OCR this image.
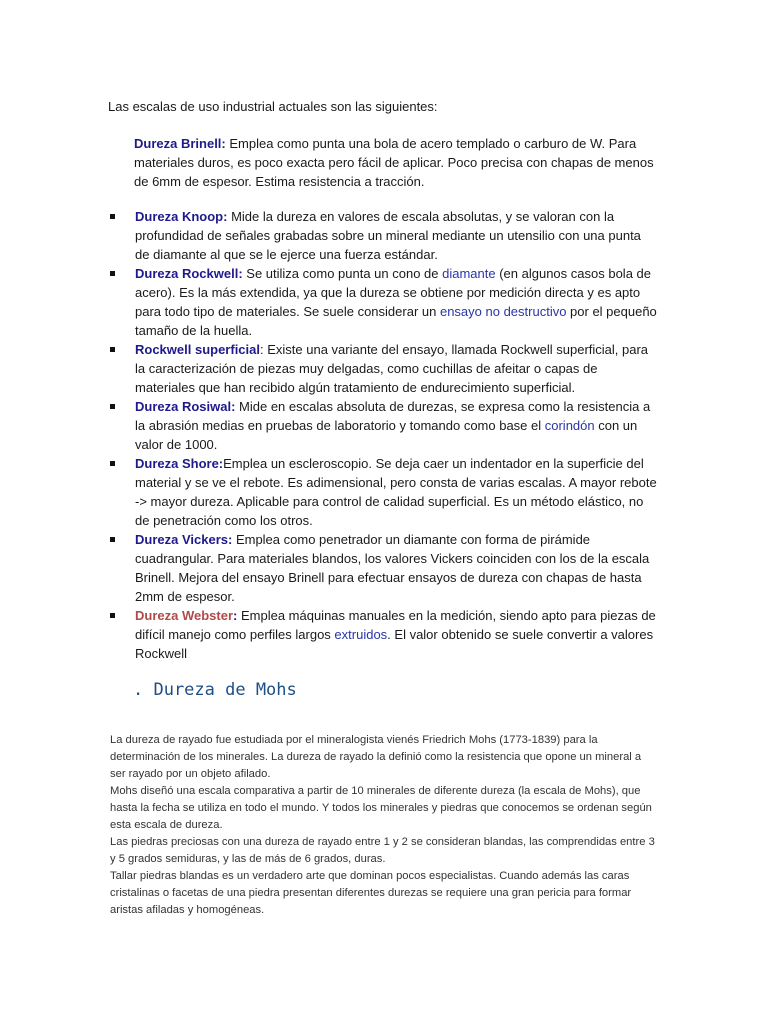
Las escalas de uso industrial actuales son las siguientes:

Dureza Brinell: Emplea como punta una bola de acero templado o carburo de W. Para materiales duros, es poco exacta pero fácil de aplicar. Poco precisa con chapas de menos de 6mm de espesor. Estima resistencia a tracción.

Dureza Knoop: Mide la dureza en valores de escala absolutas, y se valoran con la profundidad de señales grabadas sobre un mineral mediante un utensilio con una punta de diamante al que se le ejerce una fuerza estándar.
Dureza Rockwell: Se utiliza como punta un cono de diamante (en algunos casos bola de acero). Es la más extendida, ya que la dureza se obtiene por medición directa y es apto para todo tipo de materiales. Se suele considerar un ensayo no destructivo por el pequeño tamaño de la huella.
Rockwell superficial: Existe una variante del ensayo, llamada Rockwell superficial, para la caracterización de piezas muy delgadas, como cuchillas de afeitar o capas de materiales que han recibido algún tratamiento de endurecimiento superficial.
Dureza Rosiwal: Mide en escalas absoluta de durezas, se expresa como la resistencia a la abrasión medias en pruebas de laboratorio y tomando como base el corindón con un valor de 1000.
Dureza Shore:Emplea un escleroscopio. Se deja caer un indentador en la superficie del material y se ve el rebote. Es adimensional, pero consta de varias escalas. A mayor rebote -> mayor dureza. Aplicable para control de calidad superficial. Es un método elástico, no de penetración como los otros.
Dureza Vickers: Emplea como penetrador un diamante con forma de pirámide cuadrangular. Para materiales blandos, los valores Vickers coinciden con los de la escala Brinell. Mejora del ensayo Brinell para efectuar ensayos de dureza con chapas de hasta 2mm de espesor.
Dureza Webster: Emplea máquinas manuales en la medición, siendo apto para piezas de difícil manejo como perfiles largos extruidos. El valor obtenido se suele convertir a valores Rockwell
. Dureza de Mohs

La dureza de rayado fue estudiada por el mineralogista vienés Friedrich Mohs (1773-1839) para la determinación de los minerales. La dureza de rayado la definió como la resistencia que opone un mineral a ser rayado por un objeto afilado.

Mohs diseñó una escala comparativa a partir de 10 minerales de diferente dureza (la escala de Mohs), que hasta la fecha se utiliza en todo el mundo. Y todos los minerales y piedras que conocemos se ordenan según esta escala de dureza.

Las piedras preciosas con una dureza de rayado entre 1 y 2 se consideran blandas, las comprendidas entre 3 y 5 grados semiduras, y las de más de 6 grados, duras.

Tallar piedras blandas es un verdadero arte que dominan pocos especialistas. Cuando además las caras cristalinas o facetas de una piedra presentan diferentes durezas se requiere una gran pericia para formar aristas afiladas y homogéneas.
